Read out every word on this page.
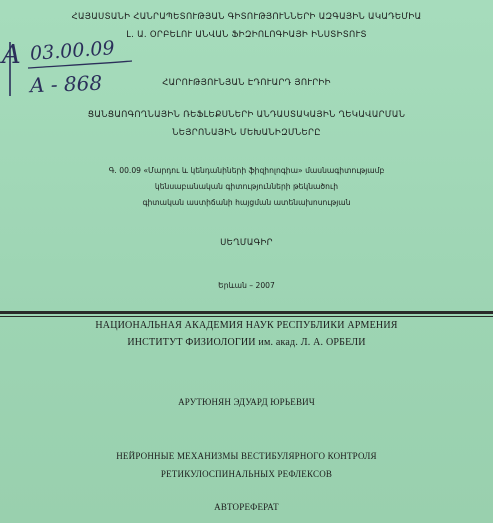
ՀԱՅԱՍՏԱՆԻ ՀԱՆՐԱՊԵՏՈՒԹՅԱՆ ԳԻՏՈՒԹՅՈՒՆՆԵՐԻ ԱԶԳԱՅԻՆ ԱԿԱԴԵՄԻԱ
Լ. Ա. ՕՐԲԵԼՈՒ ԱՆՎԱՆ ՖԻԶԻՈԼՈԳԻԱՅԻ ԻՆՍՏԻՏՈՒՏ
ՀԱՐՈՒԹՅՈՒՆՅԱՆ ԷԴՈՒԱՐԴ ՅՈՒՐԻԻ
ՑԱՆՑԱՈԳՈՂՆԱՅԻՆ ՌԵՖԼԵՔՍՆԵՐԻ ԱՆԴԱՍՏԱԿԱՅԻՆ ՂԵԿԱՎԱՐՄԱՆ
ՆԵՅՐՈՆԱՅԻՆ ՄԵԽԱՆԻԶՄՆԵՐԸ
Գ. 00.09 «Մարդու և կենդանիների ֆիզիոլոգիա» մասնագիտությամբ
կենսաբանական գիտությունների թեկնածուի
գիտական աստիճանի հայցման ատենախոսության
ՍԵՂՄԱԳԻՐ
Երևան – 2007
НАЦИОНАЛЬНАЯ АКАДЕМИЯ НАУК РЕСПУБЛИКИ АРМЕНИЯ
ИНСТИТУТ ФИЗИОЛОГИИ им. акад. Л. А. ОРБЕЛИ
АРУТЮНЯН ЭДУАРД ЮРЬЕВИЧ
НЕЙРОННЫЕ МЕХАНИЗМЫ ВЕСТИБУЛЯРНОГО КОНТРОЛЯ
РЕТИКУЛОСПИНАЛЬНЫХ РЕФЛЕКСОВ
АВТОРЕФЕРАТ
A 03.00.09
A - 868
